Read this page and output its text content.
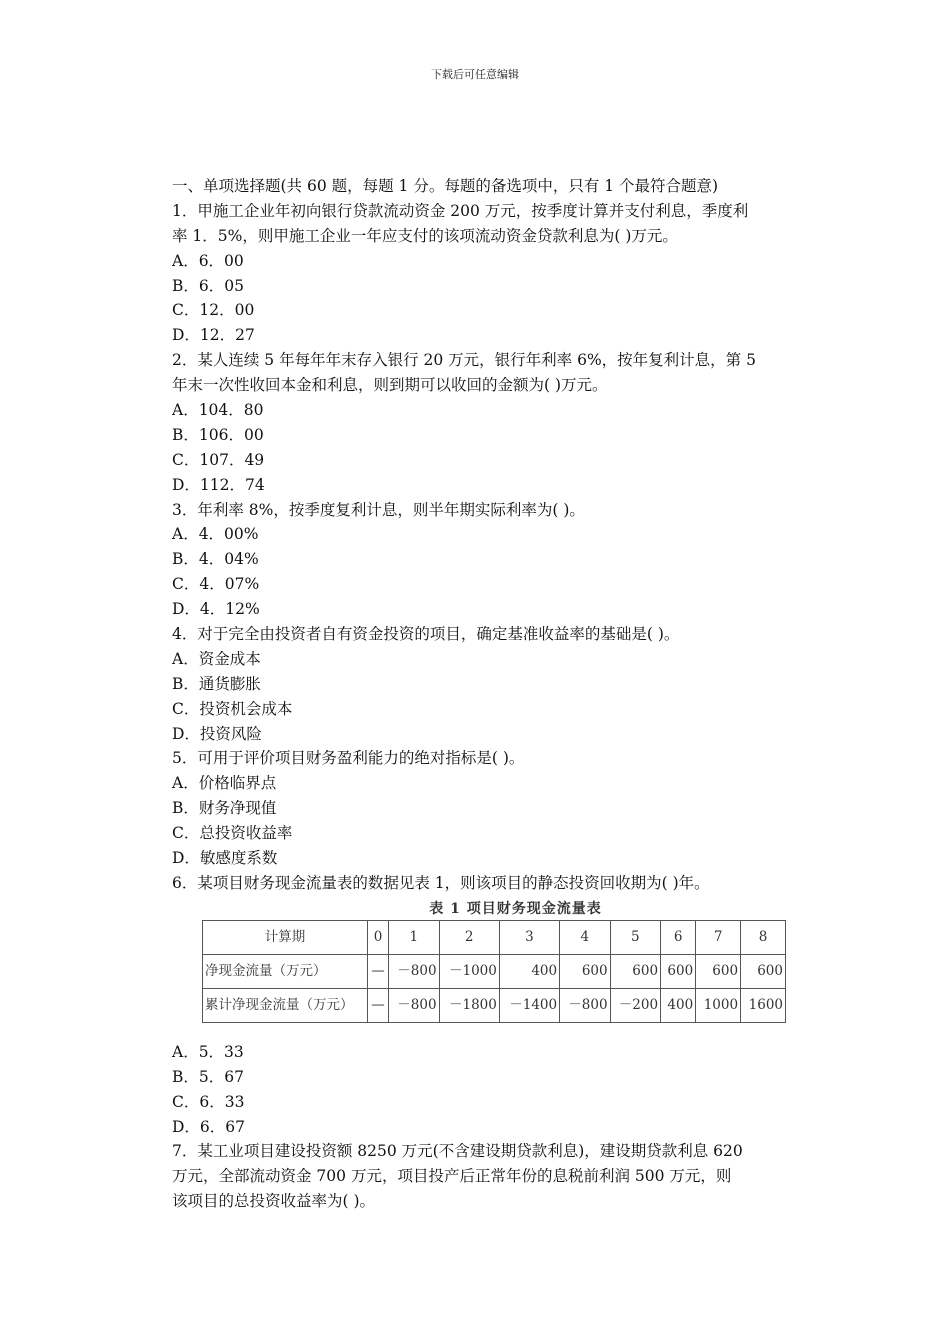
下载后可任意编辑
一、单项选择题(共 60 题，每题 1 分。每题的备选项中，只有 1 个最符合题意)
1．甲施工企业年初向银行贷款流动资金 200 万元，按季度计算并支付利息，季度利
率 1．5%，则甲施工企业一年应支付的该项流动资金贷款利息为( )万元。
A．6．00
B．6．05
C．12．00
D．12．27
2．某人连续 5 年每年年末存入银行 20 万元，银行年利率 6%，按年复利计息，第 5
年末一次性收回本金和利息，则到期可以收回的金额为( )万元。
A．104．80
B．106．00
C．107．49
D．112．74
3．年利率 8%，按季度复利计息，则半年期实际利率为( )。
A．4．00%
B．4．04%
C．4．07%
D．4．12%
4．对于完全由投资者自有资金投资的项目，确定基准收益率的基础是( )。
A．资金成本
B．通货膨胀
C．投资机会成本
D．投资风险
5．可用于评价项目财务盈利能力的绝对指标是( )。
A．价格临界点
B．财务净现值
C．总投资收益率
D．敏感度系数
6．某项目财务现金流量表的数据见表 1，则该项目的静态投资回收期为( )年。
表 1 项目财务现金流量表
计算期	0	1	2	3	4	5	6	7	8
净现金流量（万元）	—	－800	－1000	400	600	600	600	600	600
累计净现金流量（万元）	—	－800	－1800	－1400	－800	－200	400	1000	1600
A．5．33
B．5．67
C．6．33
D．6．67
7．某工业项目建设投资额 8250 万元(不含建设期贷款利息)，建设期贷款利息 620
万元，全部流动资金 700 万元，项目投产后正常年份的息税前利润 500 万元，则
该项目的总投资收益率为( )。
